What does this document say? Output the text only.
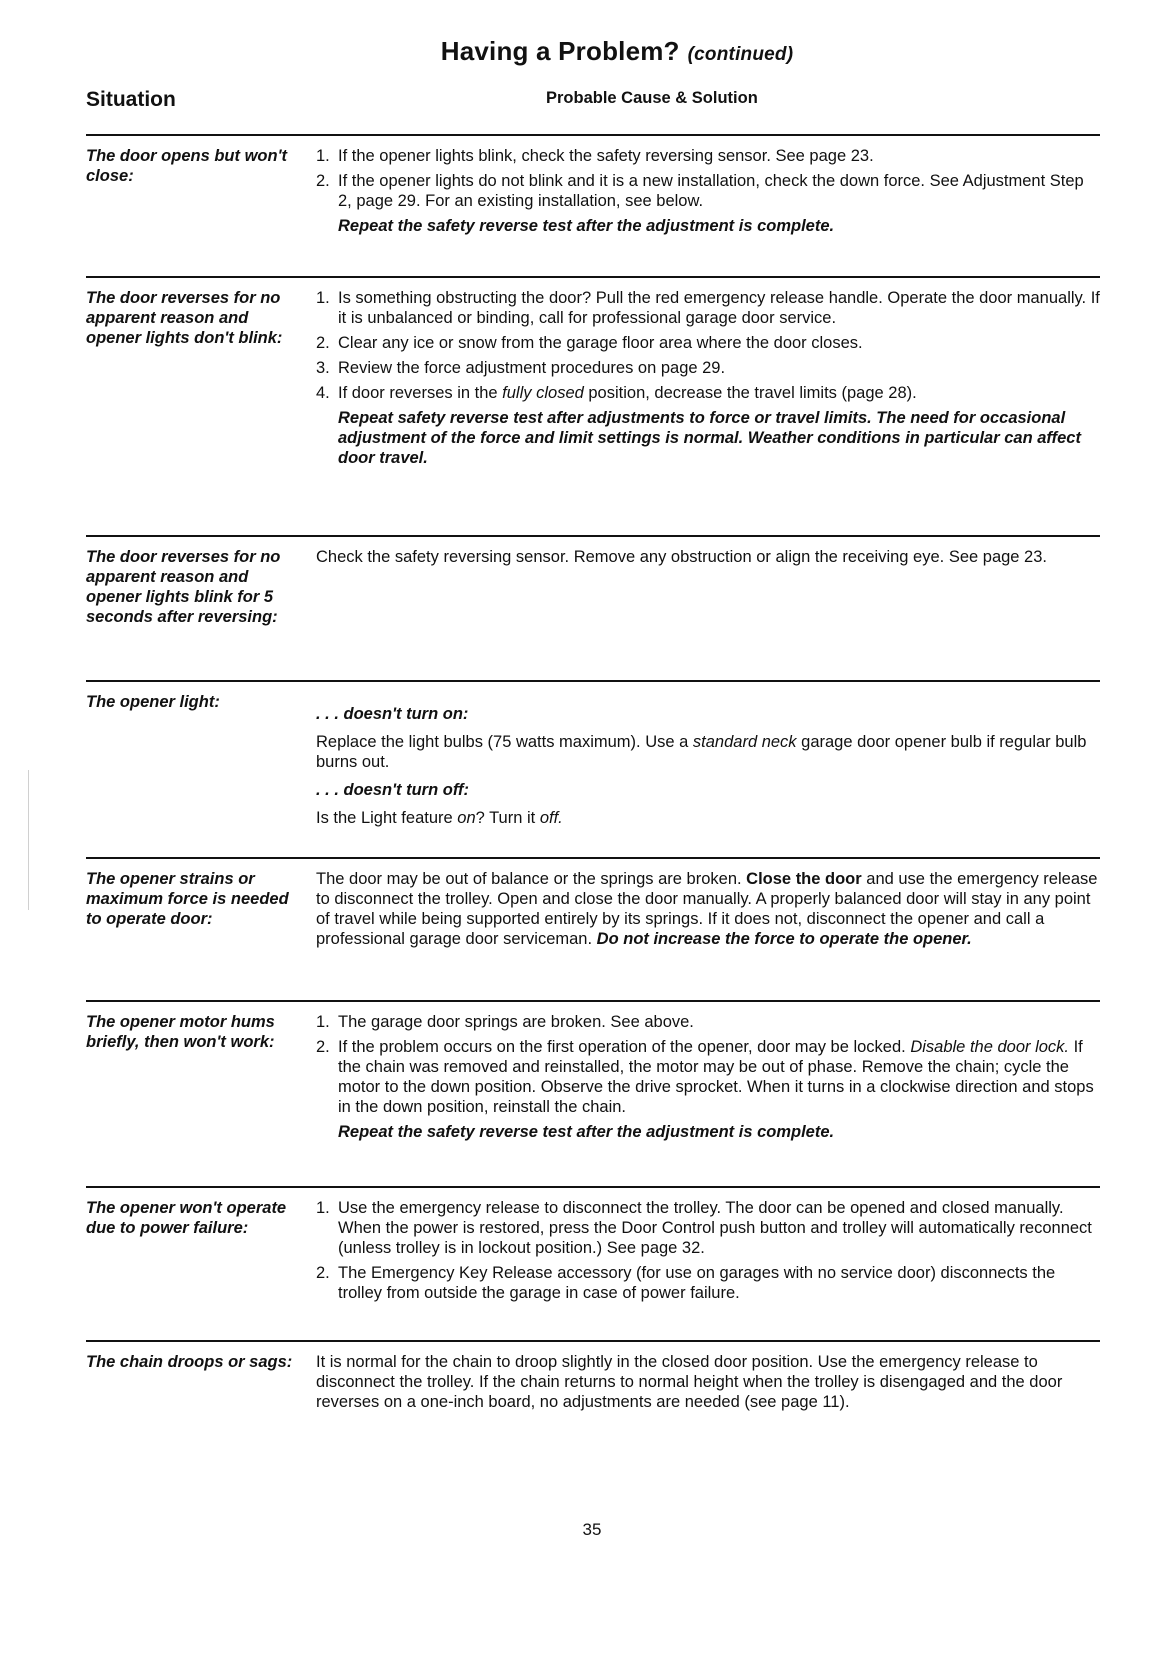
Having a Problem? (continued)
Situation	Probable Cause & Solution
The door opens but won't close:
1. If the opener lights blink, check the safety reversing sensor. See page 23.
2. If the opener lights do not blink and it is a new installation, check the down force. See Adjustment Step 2, page 29. For an existing installation, see below.
Repeat the safety reverse test after the adjustment is complete.
The door reverses for no apparent reason and opener lights don't blink:
1. Is something obstructing the door? Pull the red emergency release handle. Operate the door manually. If it is unbalanced or binding, call for professional garage door service.
2. Clear any ice or snow from the garage floor area where the door closes.
3. Review the force adjustment procedures on page 29.
4. If door reverses in the fully closed position, decrease the travel limits (page 28).
Repeat safety reverse test after adjustments to force or travel limits. The need for occasional adjustment of the force and limit settings is normal. Weather conditions in particular can affect door travel.
The door reverses for no apparent reason and opener lights blink for 5 seconds after reversing:

Check the safety reversing sensor. Remove any obstruction or align the receiving eye. See page 23.

The opener light:
. . . doesn't turn on:

Replace the light bulbs (75 watts maximum). Use a standard neck garage door opener bulb if regular bulb burns out.

. . . doesn't turn off:

Is the Light feature on? Turn it off.

The opener strains or maximum force is needed to operate door:

The door may be out of balance or the springs are broken. Close the door and use the emergency release to disconnect the trolley. Open and close the door manually. A properly balanced door will stay in any point of travel while being supported entirely by its springs. If it does not, disconnect the opener and call a professional garage door serviceman. Do not increase the force to operate the opener.

The opener motor hums briefly, then won't work:
1. The garage door springs are broken. See above.
2. If the problem occurs on the first operation of the opener, door may be locked. Disable the door lock. If the chain was removed and reinstalled, the motor may be out of phase. Remove the chain; cycle the motor to the down position. Observe the drive sprocket. When it turns in a clockwise direction and stops in the down position, reinstall the chain.
Repeat the safety reverse test after the adjustment is complete.
The opener won't operate due to power failure:
1. Use the emergency release to disconnect the trolley. The door can be opened and closed manually. When the power is restored, press the Door Control push button and trolley will automatically reconnect (unless trolley is in lockout position.) See page 32.
2. The Emergency Key Release accessory (for use on garages with no service door) disconnects the trolley from outside the garage in case of power failure.
The chain droops or sags: It is normal for the chain to droop slightly in the closed door position. Use the emergency release to disconnect the trolley. If the chain returns to normal height when the trolley is disengaged and the door reverses on a one-inch board, no adjustments are needed (see page 11).

35
